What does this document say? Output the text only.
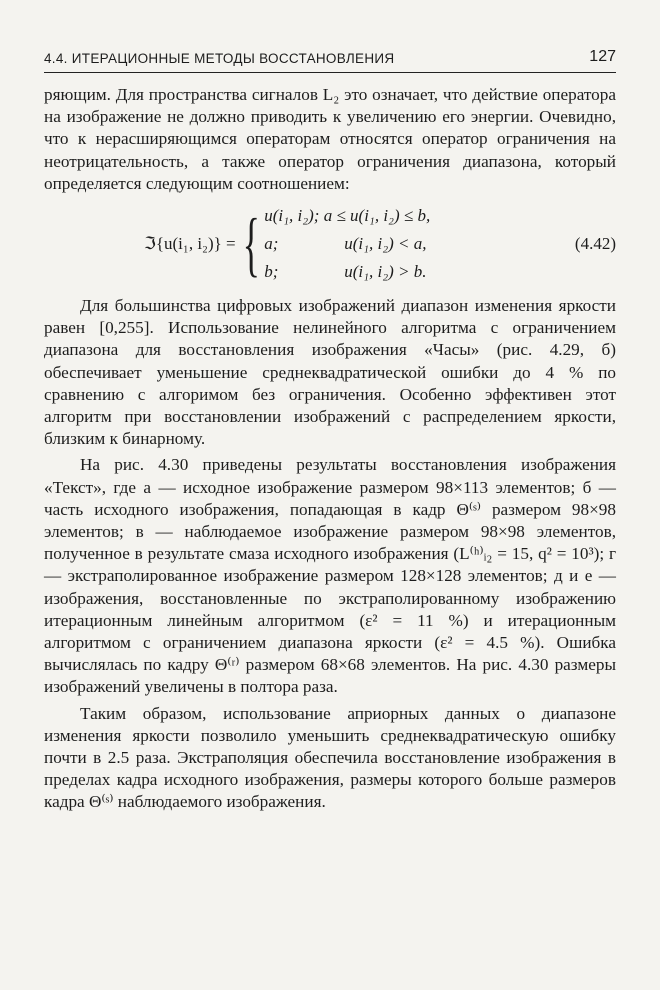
4.4. ИТЕРАЦИОННЫЕ МЕТОДЫ ВОССТАНОВЛЕНИЯ	127

ряющим. Для пространства сигналов L₂ это означает, что действие оператора на изображение не должно приводить к увеличению его энергии. Очевидно, что к нерасширяющимся операторам относятся оператор ограничения на неотрицательность, а также оператор ограничения диапазона, который определяется следующим соотношением:

ℑ{u(i₁, i₂)} = { u(i₁, i₂); a ≤ u(i₁, i₂) ≤ b,
a;	u(i₁, i₂) < a,
b;	u(i₁, i₂) > b.
(4.42)

Для большинства цифровых изображений диапазон изменения яркости равен [0,255]. Использование нелинейного алгоритма с ограничением диапазона для восстановления изображения «Часы» (рис. 4.29, б) обеспечивает уменьшение среднеквадратической ошибки до 4 % по сравнению с алгоримом без ограничения. Особенно эффективен этот алгоритм при восстановлении изображений с распределением яркости, близким к бинарному.

На рис. 4.30 приведены результаты восстановления изображения «Текст», где а — исходное изображение размером 98×113 элементов; б — часть исходного изображения, попадающая в кадр Θ⁽ˢ⁾ размером 98×98 элементов; в — наблюдаемое изображение размером 98×98 элементов, полученное в результате смаза исходного изображения (L⁽ʰ⁾ᵢ₂ = 15, q² = 10³); г — экстраполированное изображение размером 128×128 элементов; д и е — изображения, восстановленные по экстраполированному изображению итерационным линейным алгоритмом (ε² = 11 %) и итерационным алгоритмом с ограничением диапазона яркости (ε² = 4.5 %). Ошибка вычислялась по кадру Θ⁽ʳ⁾ размером 68×68 элементов. На рис. 4.30 размеры изображений увеличены в полтора раза.

Таким образом, использование априорных данных о диапазоне изменения яркости позволило уменьшить среднеквадратическую ошибку почти в 2.5 раза. Экстраполяция обеспечила восстановление изображения в пределах кадра исходного изображения, размеры которого больше размеров кадра Θ⁽ˢ⁾ наблюдаемого изображения.
